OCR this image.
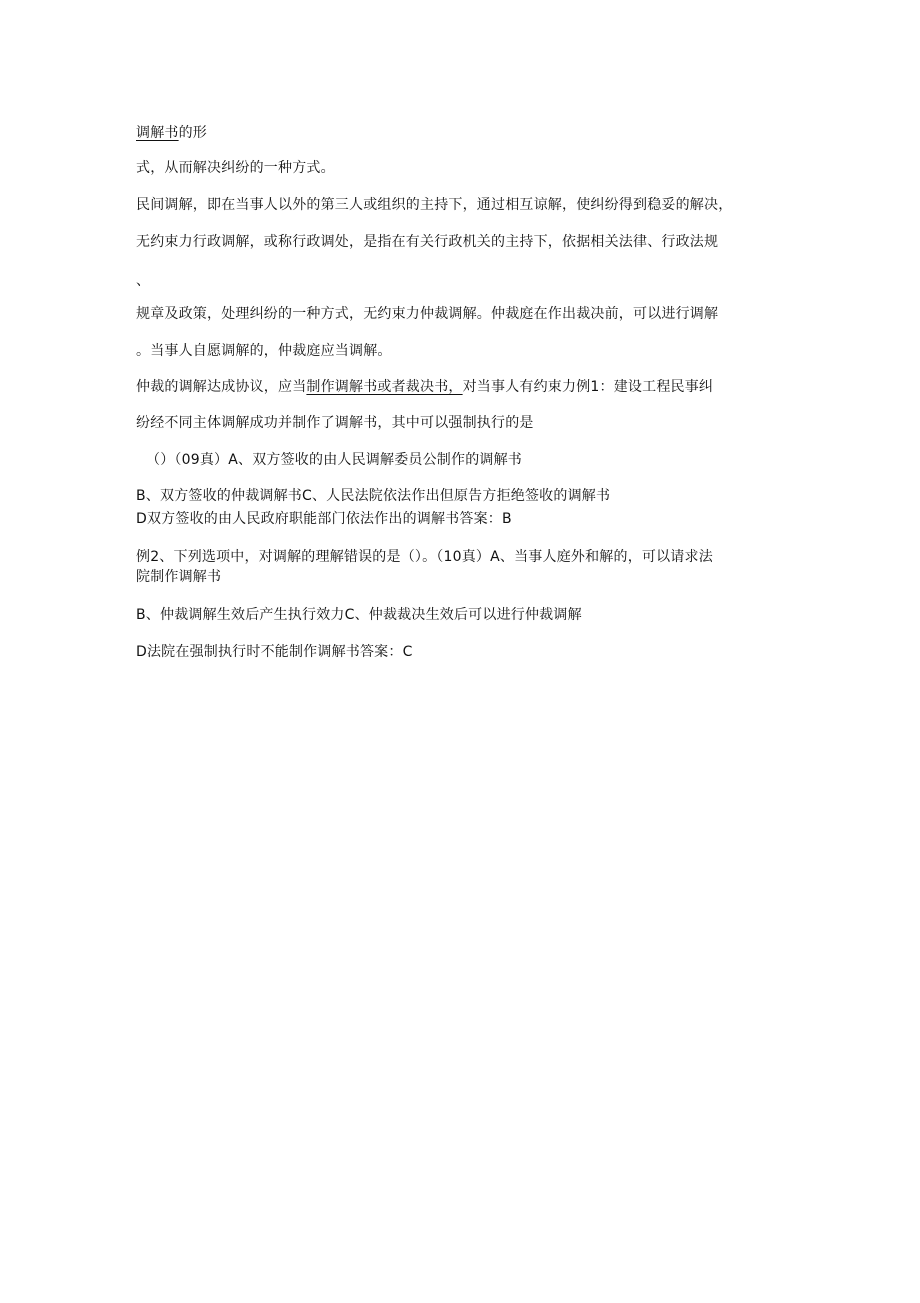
调解书的形
式，从而解决纠纷的一种方式。
民间调解，即在当事人以外的第三人或组织的主持下，通过相互谅解，使纠纷得到稳妥的解决，
无约束力行政调解，或称行政调处，是指在有关行政机关的主持下，依据相关法律、行政法规
、
规章及政策，处理纠纷的一种方式，无约束力仲裁调解。仲裁庭在作出裁决前，可以进行调解
。当事人自愿调解的，仲裁庭应当调解。
仲裁的调解达成协议，应当制作调解书或者裁决书，对当事人有约束力例1：建设工程民事纠
纷经不同主体调解成功并制作了调解书，其中可以强制执行的是
（）（09真）A、双方签收的由人民调解委员公制作的调解书
B、双方签收的仲裁调解书C、人民法院依法作出但原告方拒绝签收的调解书
D双方签收的由人民政府职能部门依法作出的调解书答案：B
例2、下列选项中，对调解的理解错误的是（）。（10真）A、当事人庭外和解的，可以请求法
院制作调解书
B、仲裁调解生效后产生执行效力C、仲裁裁决生效后可以进行仲裁调解
D法院在强制执行时不能制作调解书答案：C
